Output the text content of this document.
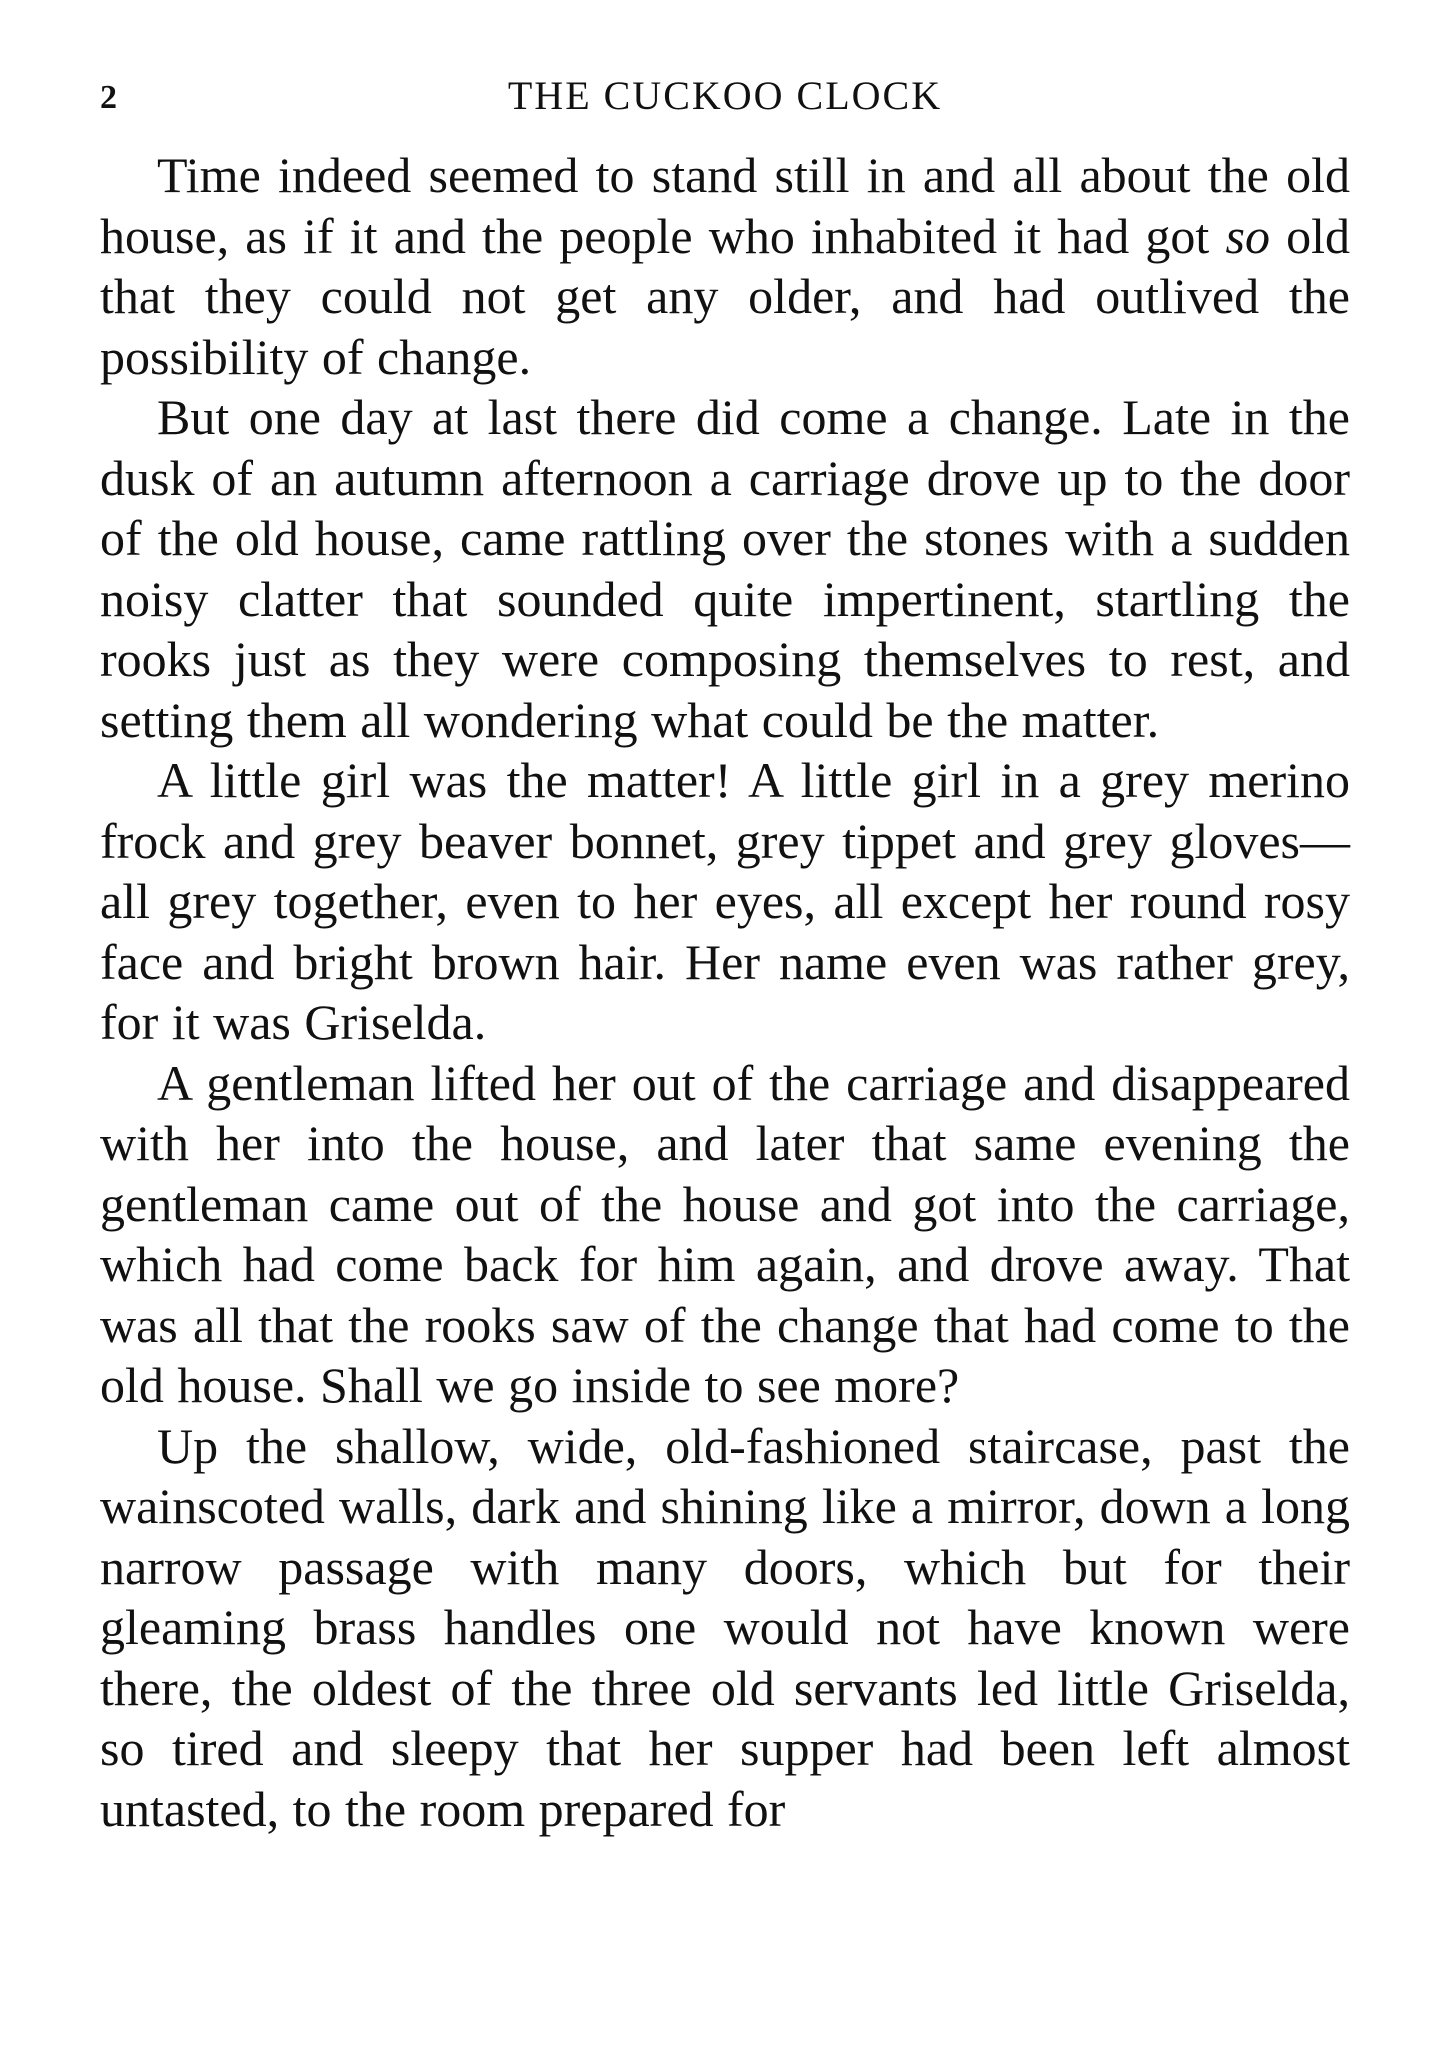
2	THE CUCKOO CLOCK

Time indeed seemed to stand still in and all about the old house, as if it and the people who inhabited it had got so old that they could not get any older, and had outlived the possibility of change.

But one day at last there did come a change. Late in the dusk of an autumn afternoon a carriage drove up to the door of the old house, came rattling over the stones with a sudden noisy clatter that sounded quite impertinent, startling the rooks just as they were composing themselves to rest, and setting them all wondering what could be the matter.

A little girl was the matter! A little girl in a grey merino frock and grey beaver bonnet, grey tippet and grey gloves—all grey together, even to her eyes, all except her round rosy face and bright brown hair. Her name even was rather grey, for it was Griselda.

A gentleman lifted her out of the carriage and disappeared with her into the house, and later that same evening the gentleman came out of the house and got into the carriage, which had come back for him again, and drove away. That was all that the rooks saw of the change that had come to the old house. Shall we go inside to see more?

Up the shallow, wide, old-fashioned staircase, past the wainscoted walls, dark and shining like a mirror, down a long narrow passage with many doors, which but for their gleaming brass handles one would not have known were there, the oldest of the three old servants led little Griselda, so tired and sleepy that her supper had been left almost untasted, to the room prepared for
